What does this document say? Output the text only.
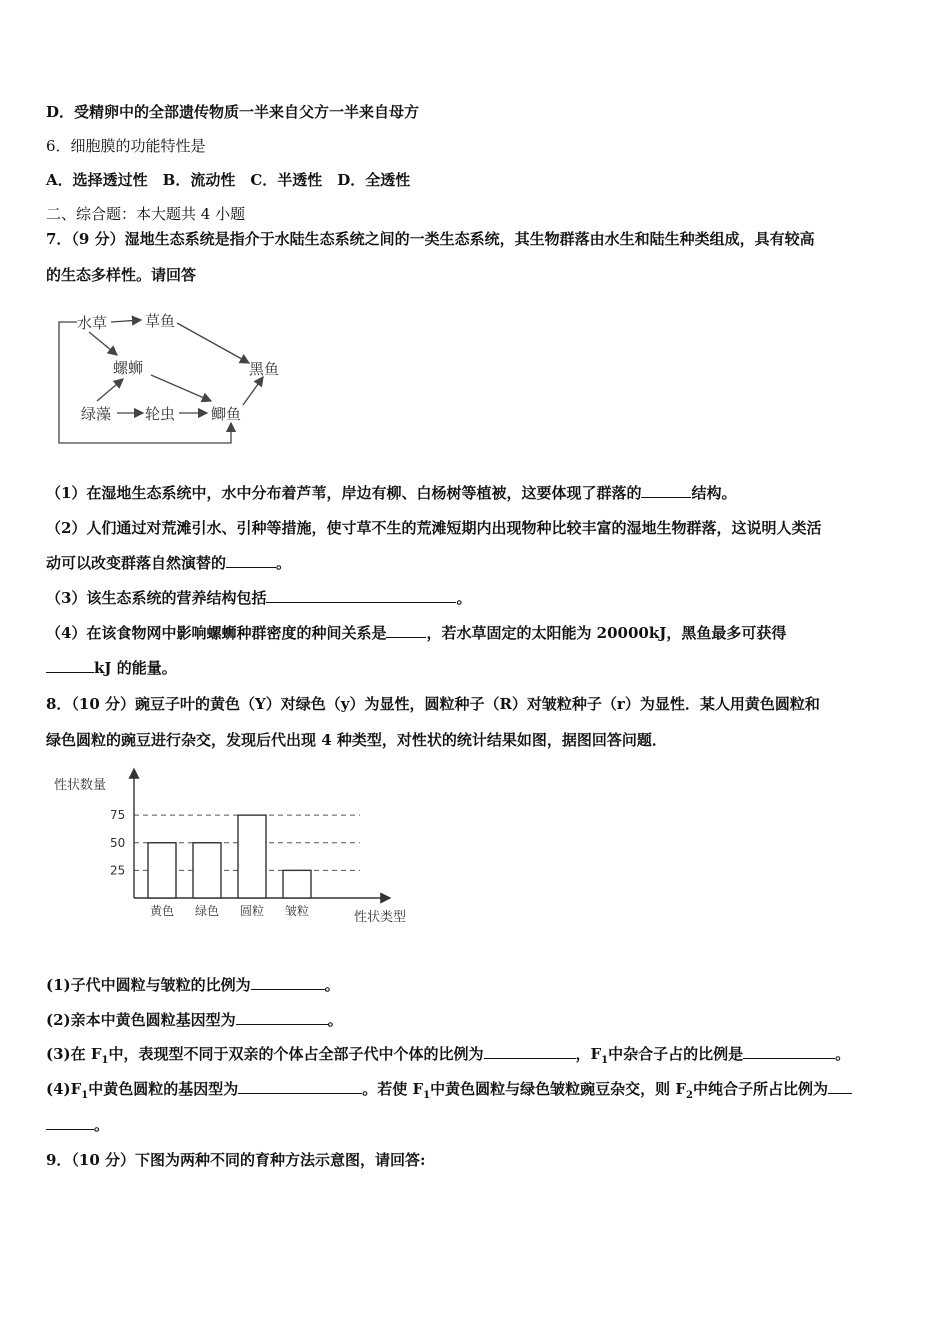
D．受精卵中的全部遗传物质一半来自父方一半来自母方
6．细胞膜的功能特性是
A．选择透过性　B．流动性　C．半透性　D．全透性
二、综合题：本大题共 4 小题
7．（9 分）湿地生态系统是指介于水陆生态系统之间的一类生态系统，其生物群落由水生和陆生种类组成，具有较高
的生态多样性。请回答
水草	草鱼
螺蛳	黑鱼
绿藻 轮虫 鲫鱼
（1）在湿地生态系统中，水中分布着芦苇，岸边有柳、白杨树等植被，这要体现了群落的	结构。
（2）人们通过对荒滩引水、引种等措施，使寸草不生的荒滩短期内出现物种比较丰富的湿地生物群落，这说明人类活
动可以改变群落自然演替的	。
（3）该生态系统的营养结构包括	。
（4）在该食物网中影响螺蛳种群密度的种间关系是	，若水草固定的太阳能为 20000kJ，黑鱼最多可获得
kJ 的能量。
8．（10 分）豌豆子叶的黄色（Y）对绿色（y）为显性，圆粒种子（R）对皱粒种子（r）为显性．某人用黄色圆粒和
绿色圆粒的豌豆进行杂交，发现后代出现 4 种类型，对性状的统计结果如图，据图回答问题．
性状数量
性状类型
25
50
75
黄色 绿色 圆粒 皱粒
(1)子代中圆粒与皱粒的比例为	。
(2)亲本中黄色圆粒基因型为	。
(3)在 $F_1$中，表现型不同于双亲的个体占全部子代中个体的比例为	，$F_1$中杂合子占的比例是	。
$(4)F_1$中黄色圆粒的基因型为	。若使 $F_1$中黄色圆粒与绿色皱粒豌豆杂交，则 $F_2$中纯合子所占比例为
。
9．（10 分）下图为两种不同的育种方法示意图，请回答:
